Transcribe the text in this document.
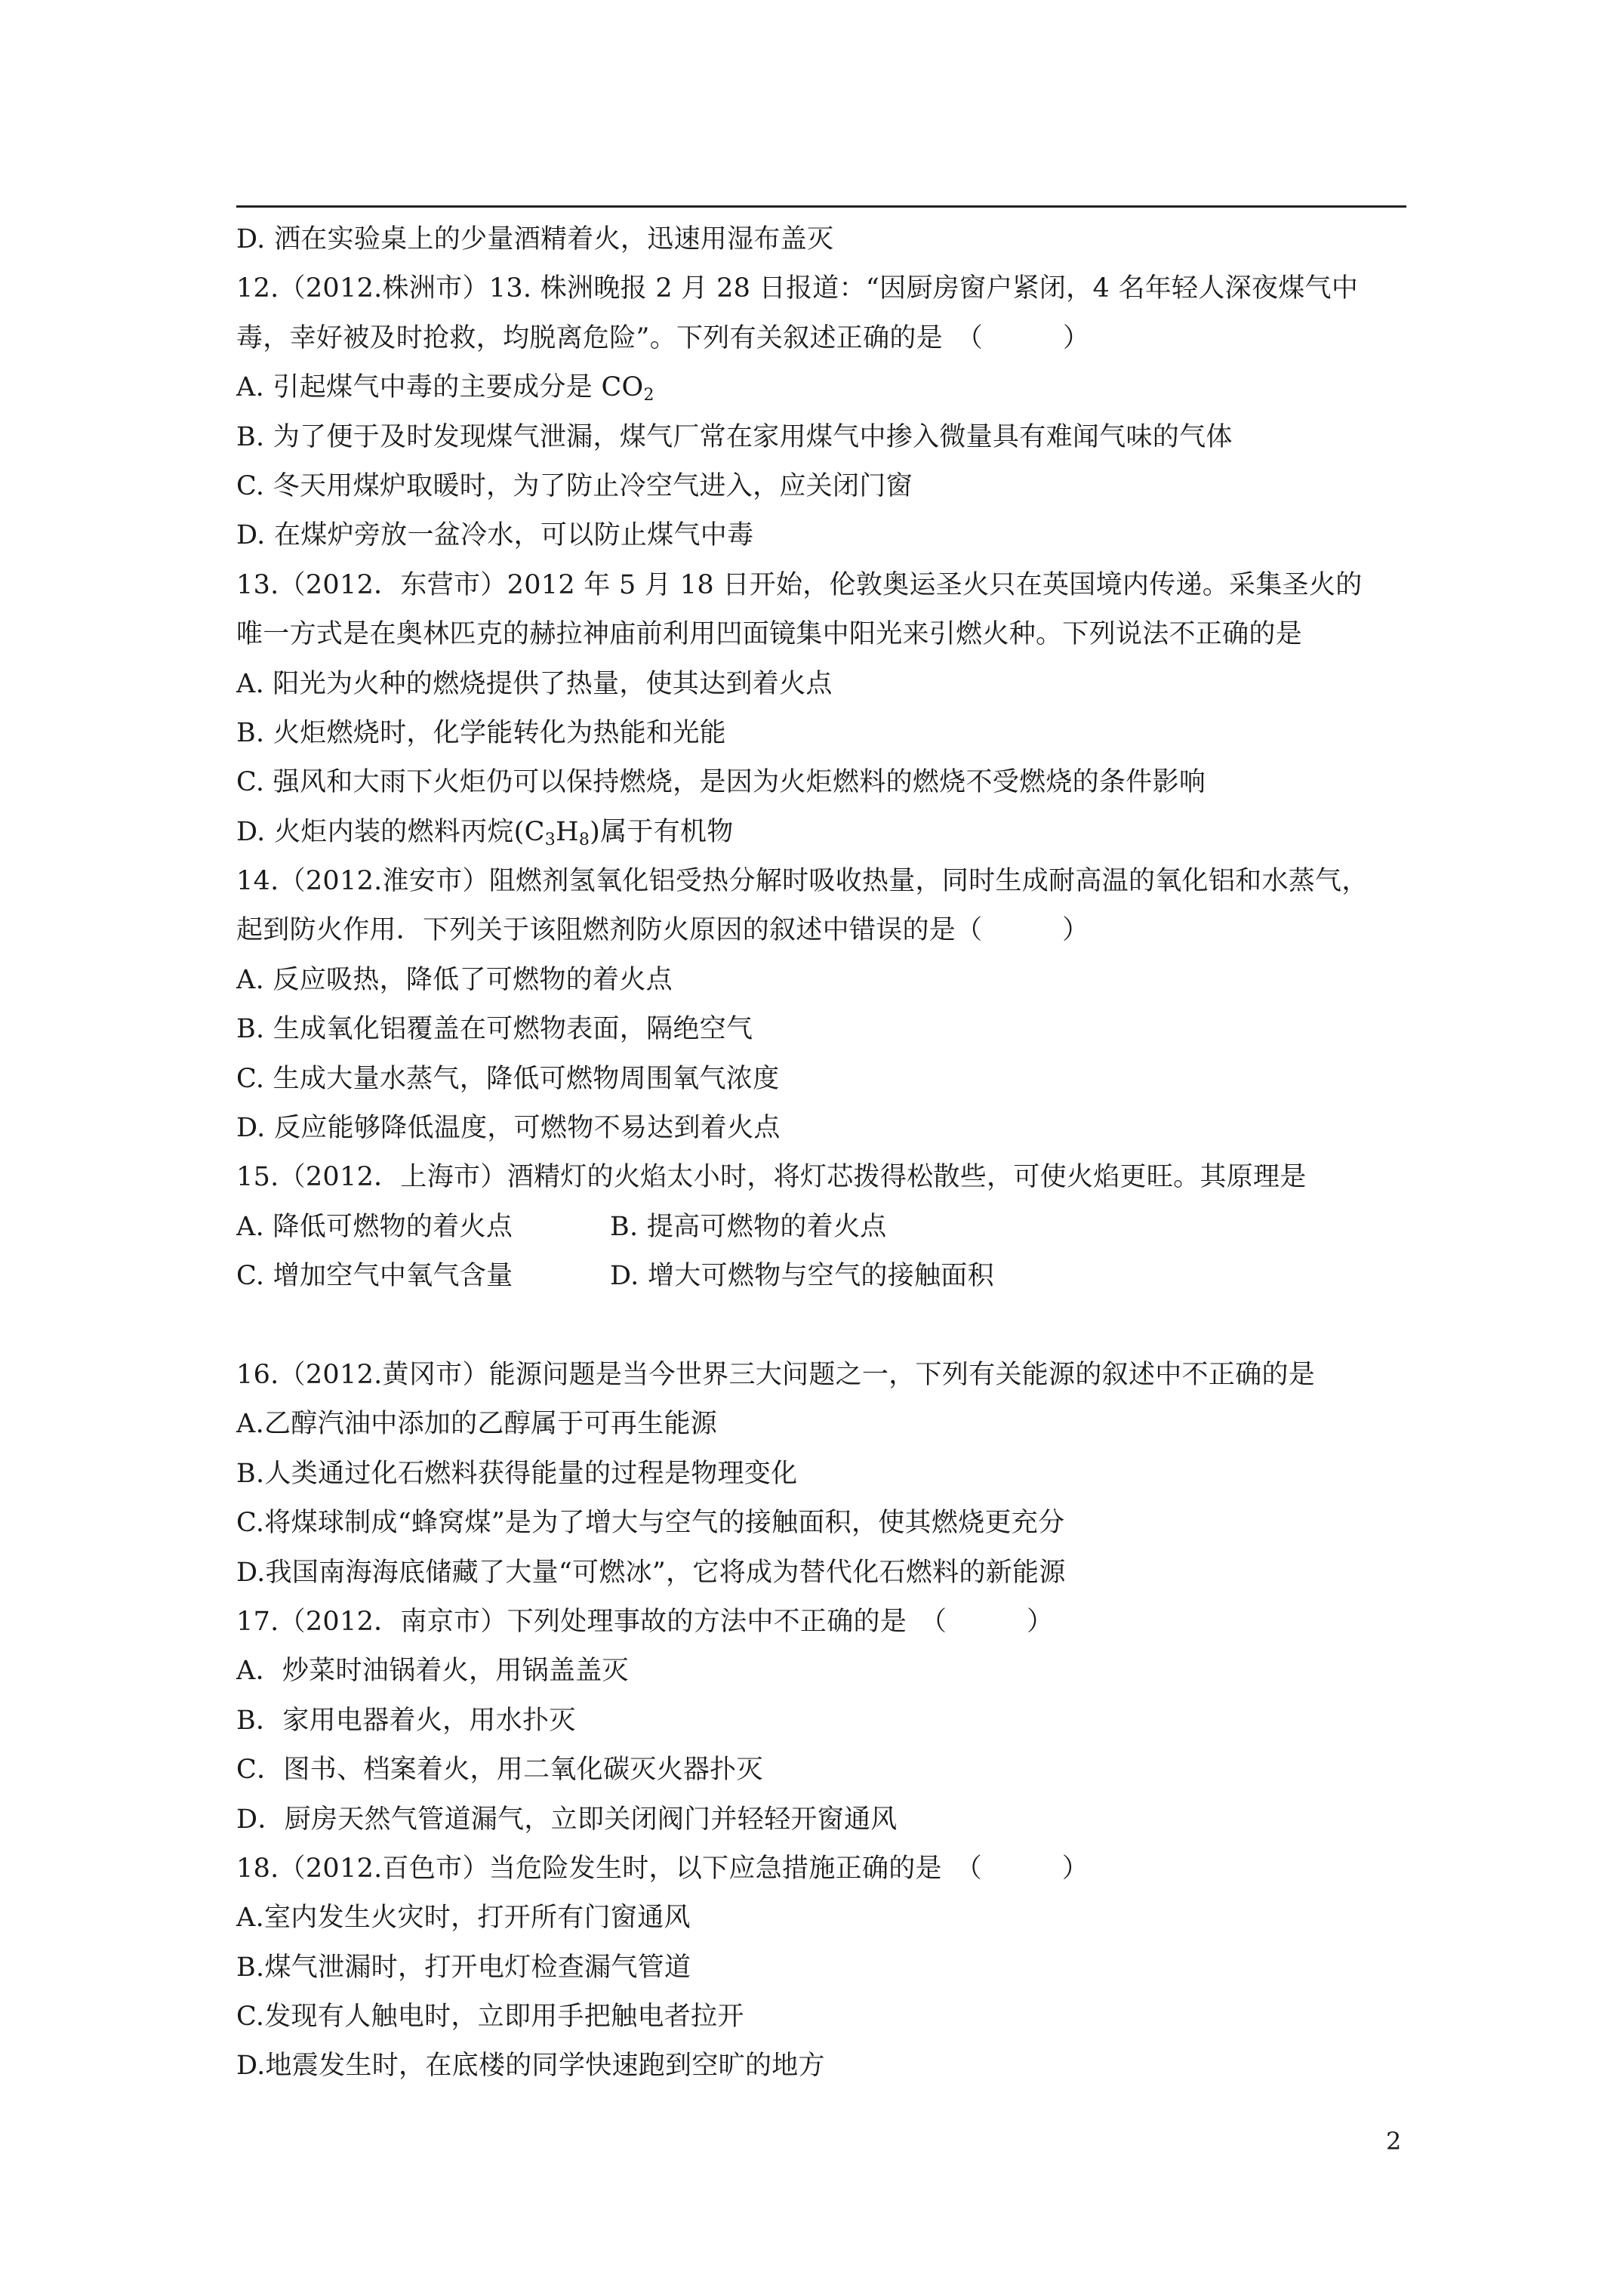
D. 洒在实验桌上的少量酒精着火，迅速用湿布盖灭
12.（2012.株洲市）13. 株洲晚报 2 月 28 日报道：“因厨房窗户紧闭，4 名年轻人深夜煤气中
毒，幸好被及时抢救，均脱离危险”。下列有关叙述正确的是　（　　　）
A. 引起煤气中毒的主要成分是 $CO_2$
B. 为了便于及时发现煤气泄漏，煤气厂常在家用煤气中掺入微量具有难闻气味的气体
C. 冬天用煤炉取暖时，为了防止冷空气进入，应关闭门窗
D. 在煤炉旁放一盆冷水，可以防止煤气中毒
13.（2012．东营市）2012 年 5 月 18 日开始，伦敦奥运圣火只在英国境内传递。采集圣火的
唯一方式是在奥林匹克的赫拉神庙前利用凹面镜集中阳光来引燃火种。下列说法不正确的是
A. 阳光为火种的燃烧提供了热量，使其达到着火点
B. 火炬燃烧时，化学能转化为热能和光能
C. 强风和大雨下火炬仍可以保持燃烧，是因为火炬燃料的燃烧不受燃烧的条件影响
D. 火炬内装的燃料丙烷$(C_3H_8)$属于有机物
14.（2012.淮安市）阻燃剂氢氧化铝受热分解时吸收热量，同时生成耐高温的氧化铝和水蒸气，
起到防火作用．下列关于该阻燃剂防火原因的叙述中错误的是（　　　）
A. 反应吸热，降低了可燃物的着火点
B. 生成氧化铝覆盖在可燃物表面，隔绝空气
C. 生成大量水蒸气，降低可燃物周围氧气浓度
D. 反应能够降低温度，可燃物不易达到着火点
15.（2012．上海市）酒精灯的火焰太小时，将灯芯拨得松散些，可使火焰更旺。其原理是
A. 降低可燃物的着火点	B. 提高可燃物的着火点
C. 增加空气中氧气含量	D. 增大可燃物与空气的接触面积
16.（2012.黄冈市）能源问题是当今世界三大问题之一，下列有关能源的叙述中不正确的是
A.乙醇汽油中添加的乙醇属于可再生能源
B.人类通过化石燃料获得能量的过程是物理变化
C.将煤球制成“蜂窝煤”是为了增大与空气的接触面积，使其燃烧更充分
D.我国南海海底储藏了大量“可燃冰”，它将成为替代化石燃料的新能源
17.（2012．南京市）下列处理事故的方法中不正确的是　（　　　）
A．炒菜时油锅着火，用锅盖盖灭
B．家用电器着火，用水扑灭
C．图书、档案着火，用二氧化碳灭火器扑灭
D．厨房天然气管道漏气，立即关闭阀门并轻轻开窗通风
18.（2012.百色市）当危险发生时，以下应急措施正确的是　（　　　）
A.室内发生火灾时，打开所有门窗通风
B.煤气泄漏时，打开电灯检查漏气管道
C.发现有人触电时，立即用手把触电者拉开
D.地震发生时，在底楼的同学快速跑到空旷的地方
2
